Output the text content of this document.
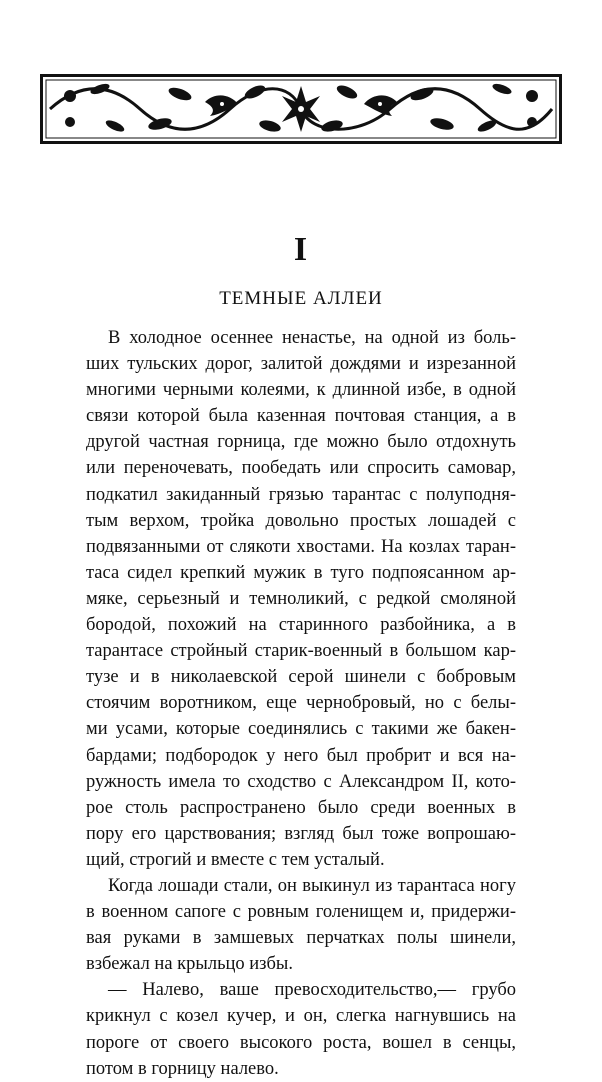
I
ТЕМНЫЕ АЛЛЕИ
В холодное осеннее ненастье, на одной из боль-
ших тульских дорог, залитой дождями и изрезанной
многими черными колеями, к длинной избе, в одной
связи которой была казенная почтовая станция, а в
другой частная горница, где можно было отдохнуть
или переночевать, пообедать или спросить самовар,
подкатил закиданный грязью тарантас с полуподня-
тым верхом, тройка довольно простых лошадей с
подвязанными от слякоти хвостами. На козлах таран-
таса сидел крепкий мужик в туго подпоясанном ар-
мяке, серьезный и темноликий, с редкой смоляной
бородой, похожий на старинного разбойника, а в
тарантасе стройный старик-военный в большом кар-
тузе и в николаевской серой шинели с бобровым
стоячим воротником, еще чернобровый, но с белы-
ми усами, которые соединялись с такими же бакен-
бардами; подбородок у него был пробрит и вся на-
ружность имела то сходство с Александром II, кото-
рое столь распространено было среди военных в
пору его царствования; взгляд был тоже вопрошаю-
щий, строгий и вместе с тем усталый.
Когда лошади стали, он выкинул из тарантаса ногу
в военном сапоге с ровным голенищем и, придержи-
вая руками в замшевых перчатках полы шинели,
взбежал на крыльцо избы.
— Налево, ваше превосходительство,— грубо
крикнул с козел кучер, и он, слегка нагнувшись на
пороге от своего высокого роста, вошел в сенцы,
потом в горницу налево.
